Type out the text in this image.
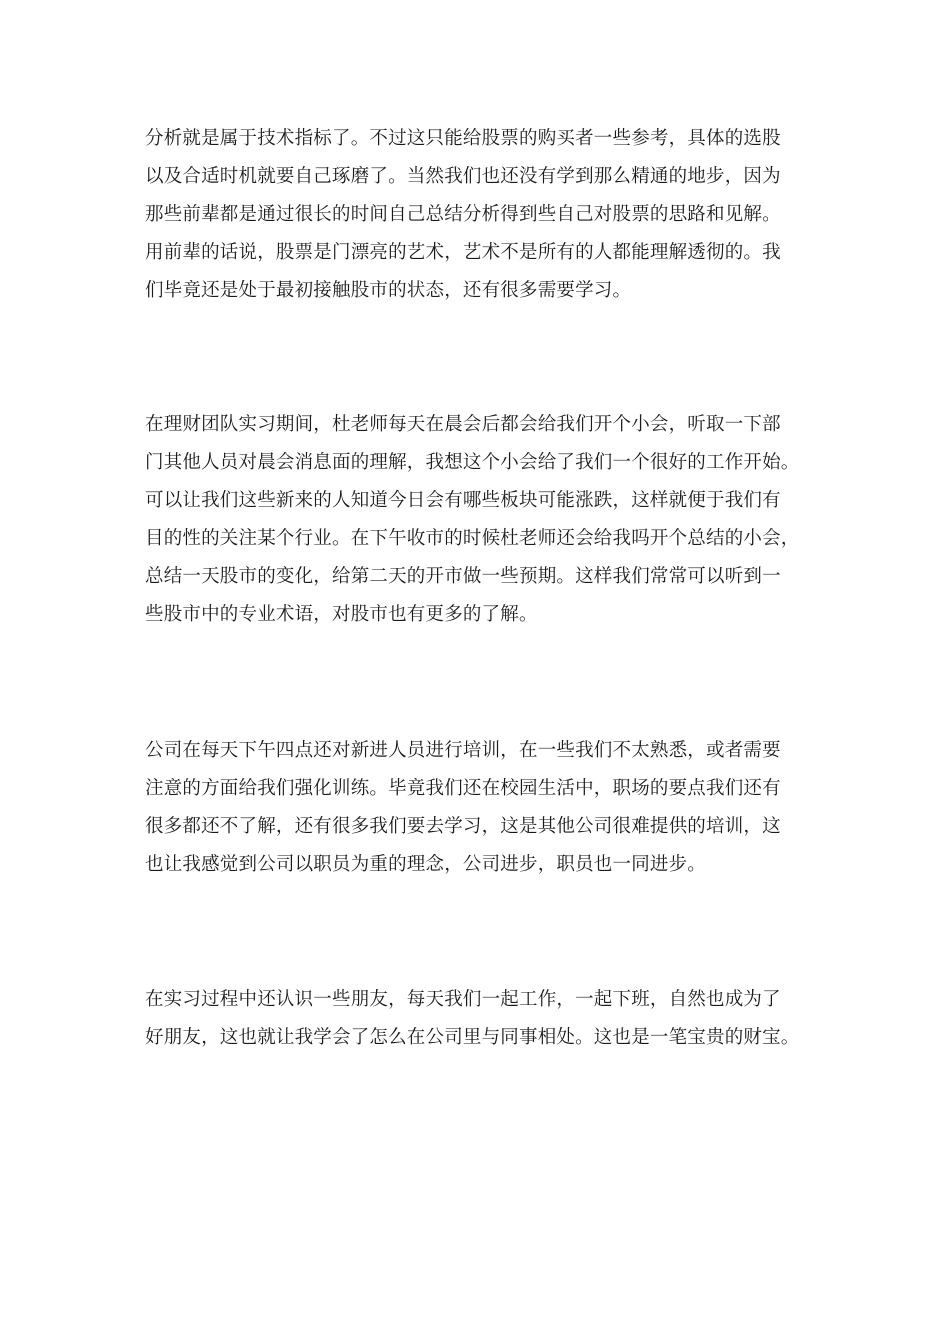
分析就是属于技术指标了。不过这只能给股票的购买者一些参考，具体的选股
以及合适时机就要自己琢磨了。当然我们也还没有学到那么精通的地步，因为
那些前辈都是通过很长的时间自己总结分析得到些自己对股票的思路和见解。
用前辈的话说，股票是门漂亮的艺术，艺术不是所有的人都能理解透彻的。我
们毕竟还是处于最初接触股市的状态，还有很多需要学习。

在理财团队实习期间，杜老师每天在晨会后都会给我们开个小会，听取一下部
门其他人员对晨会消息面的理解，我想这个小会给了我们一个很好的工作开始。
可以让我们这些新来的人知道今日会有哪些板块可能涨跌，这样就便于我们有
目的性的关注某个行业。在下午收市的时候杜老师还会给我吗开个总结的小会，
总结一天股市的变化，给第二天的开市做一些预期。这样我们常常可以听到一
些股市中的专业术语，对股市也有更多的了解。

公司在每天下午四点还对新进人员进行培训，在一些我们不太熟悉，或者需要
注意的方面给我们强化训练。毕竟我们还在校园生活中，职场的要点我们还有
很多都还不了解，还有很多我们要去学习，这是其他公司很难提供的培训，这
也让我感觉到公司以职员为重的理念，公司进步，职员也一同进步。

在实习过程中还认识一些朋友，每天我们一起工作，一起下班，自然也成为了
好朋友，这也就让我学会了怎么在公司里与同事相处。这也是一笔宝贵的财宝。
